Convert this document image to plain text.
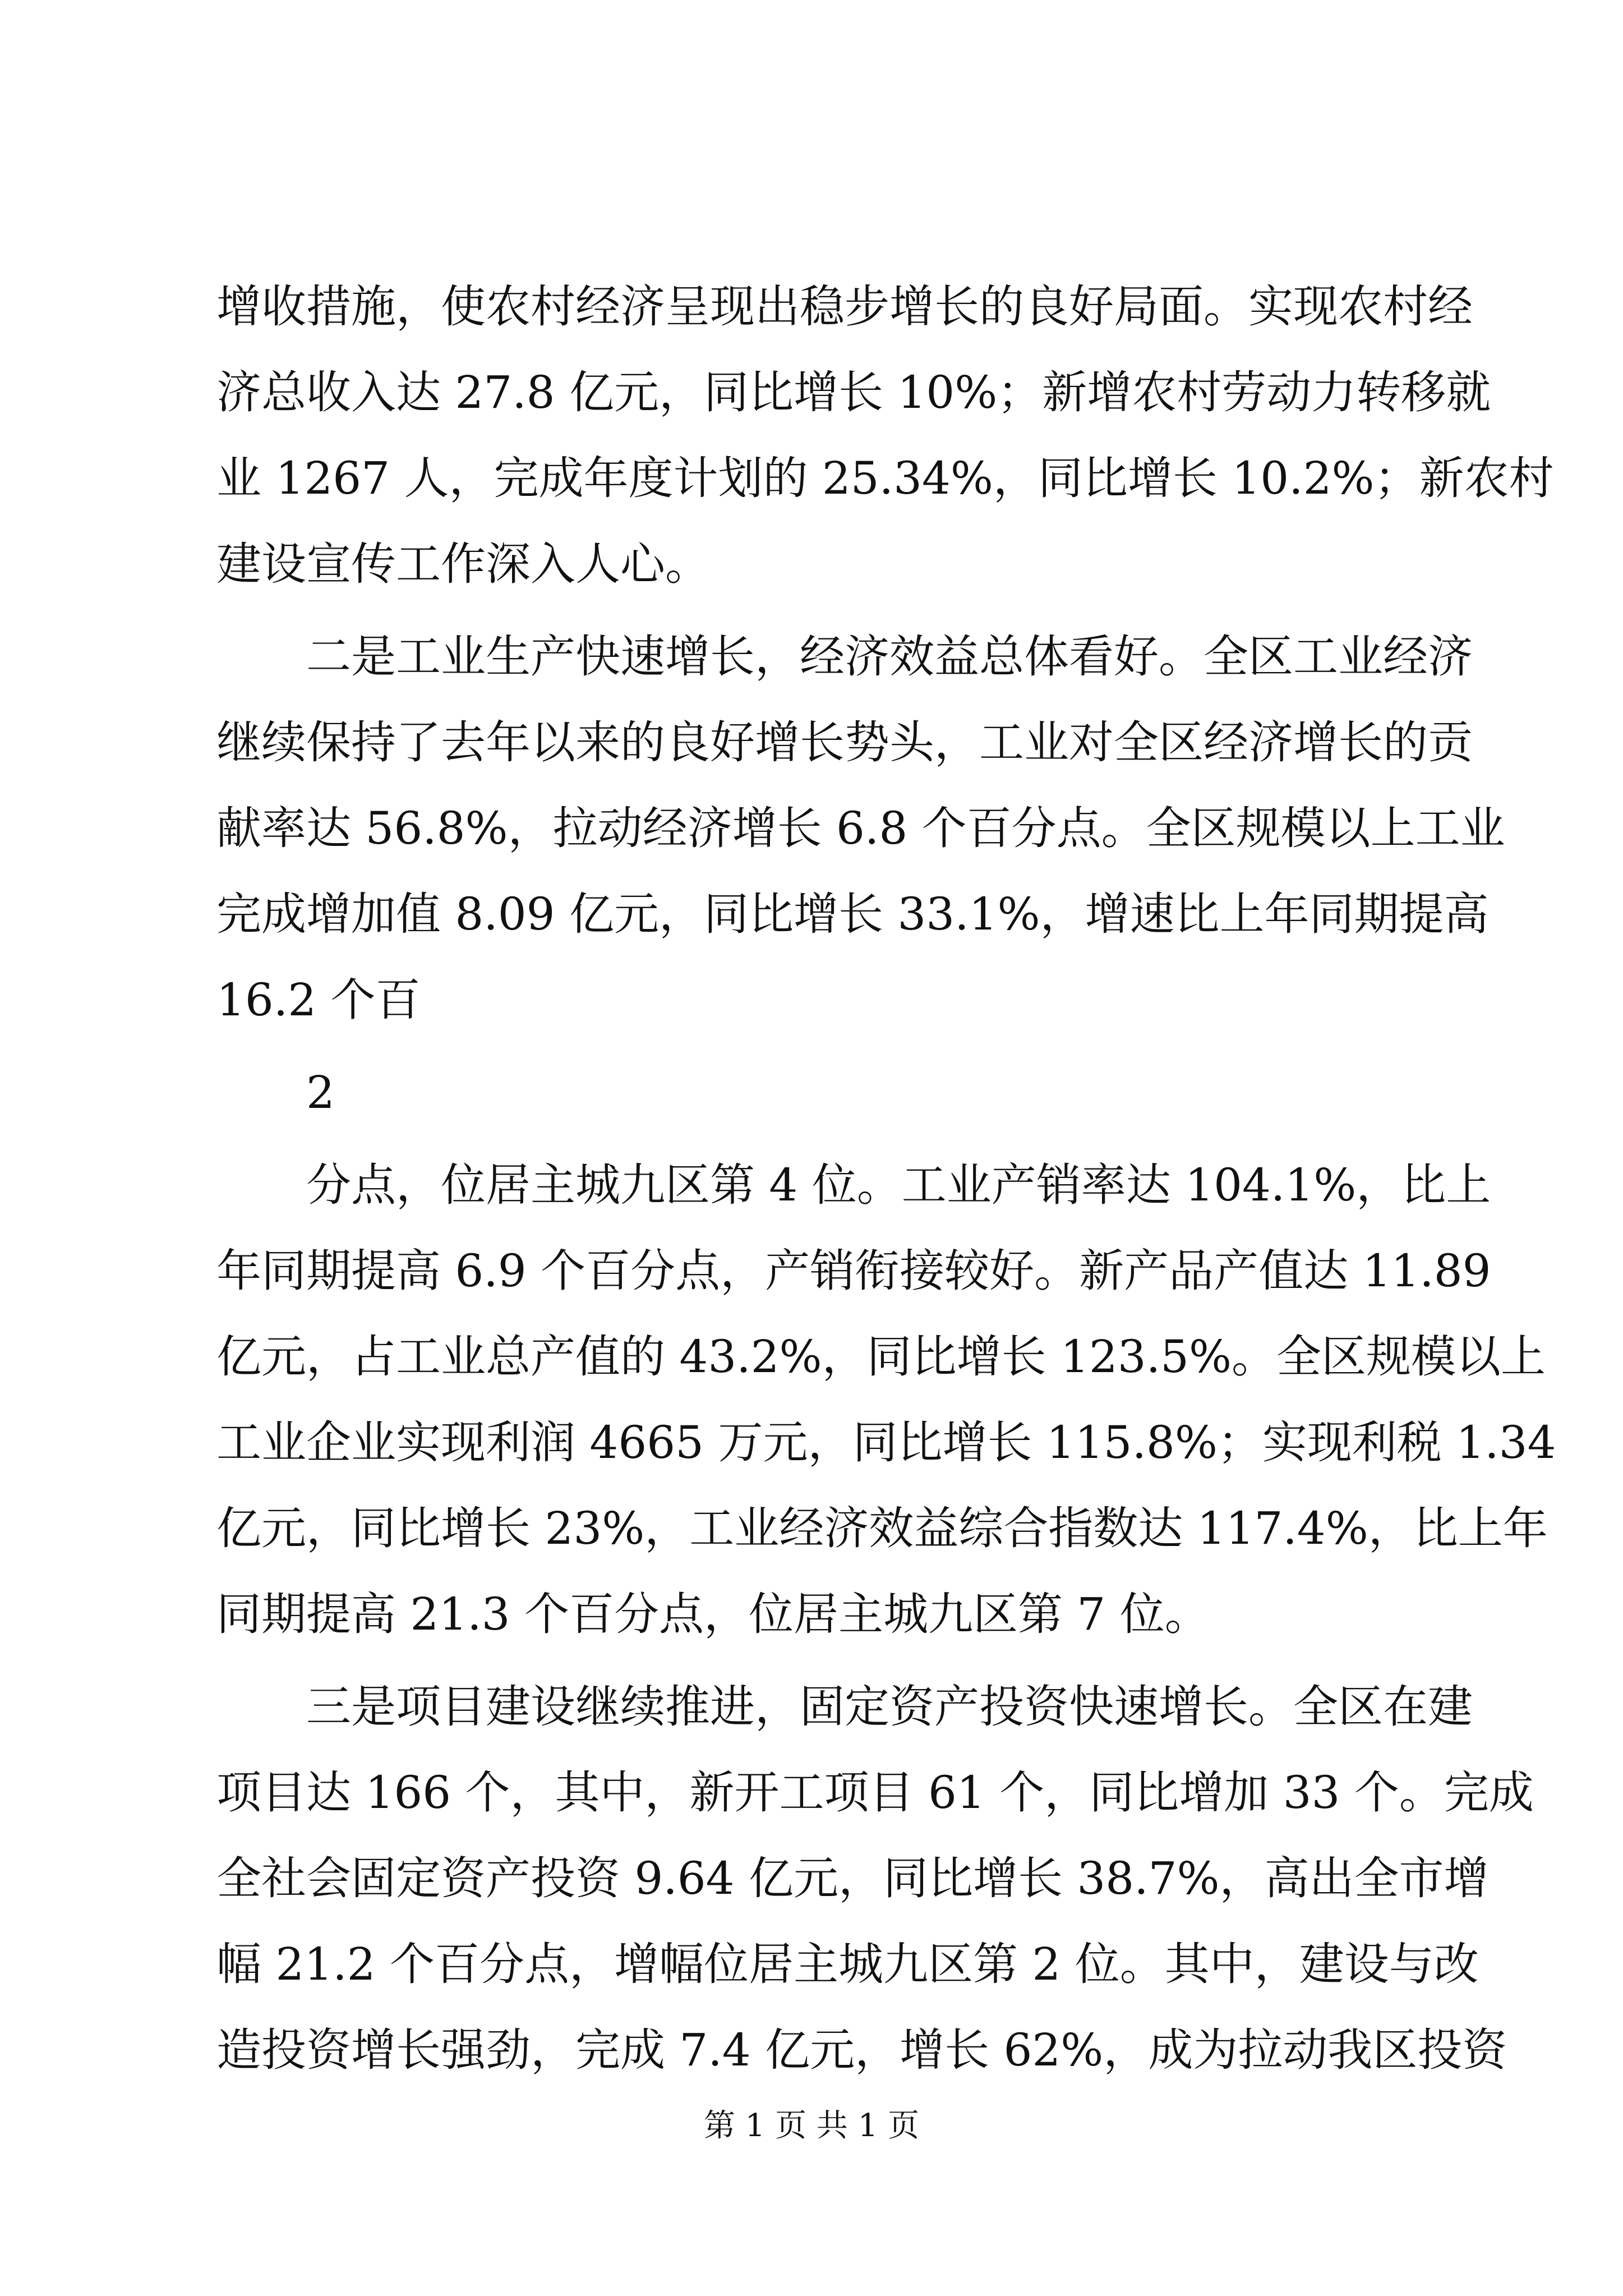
增收措施，使农村经济呈现出稳步增长的良好局面。实现农村经
济总收入达 27.8 亿元，同比增长 10%；新增农村劳动力转移就
业 1267 人，完成年度计划的 25.34%，同比增长 10.2%；新农村
建设宣传工作深入人心。
二是工业生产快速增长，经济效益总体看好。全区工业经济
继续保持了去年以来的良好增长势头，工业对全区经济增长的贡
献率达 56.8%，拉动经济增长 6.8 个百分点。全区规模以上工业
完成增加值 8.09 亿元，同比增长 33.1%，增速比上年同期提高
16.2 个百
2
分点，位居主城九区第 4 位。工业产销率达 104.1%，比上
年同期提高 6.9 个百分点，产销衔接较好。新产品产值达 11.89
亿元，占工业总产值的 43.2%，同比增长 123.5%。全区规模以上
工业企业实现利润 4665 万元，同比增长 115.8%；实现利税 1.34
亿元，同比增长 23%，工业经济效益综合指数达 117.4%，比上年
同期提高 21.3 个百分点，位居主城九区第 7 位。
三是项目建设继续推进，固定资产投资快速增长。全区在建
项目达 166 个，其中，新开工项目 61 个，同比增加 33 个。完成
全社会固定资产投资 9.64 亿元，同比增长 38.7%，高出全市增
幅 21.2 个百分点，增幅位居主城九区第 2 位。其中，建设与改
造投资增长强劲，完成 7.4 亿元，增长 62%，成为拉动我区投资
第 1 页 共 1 页
